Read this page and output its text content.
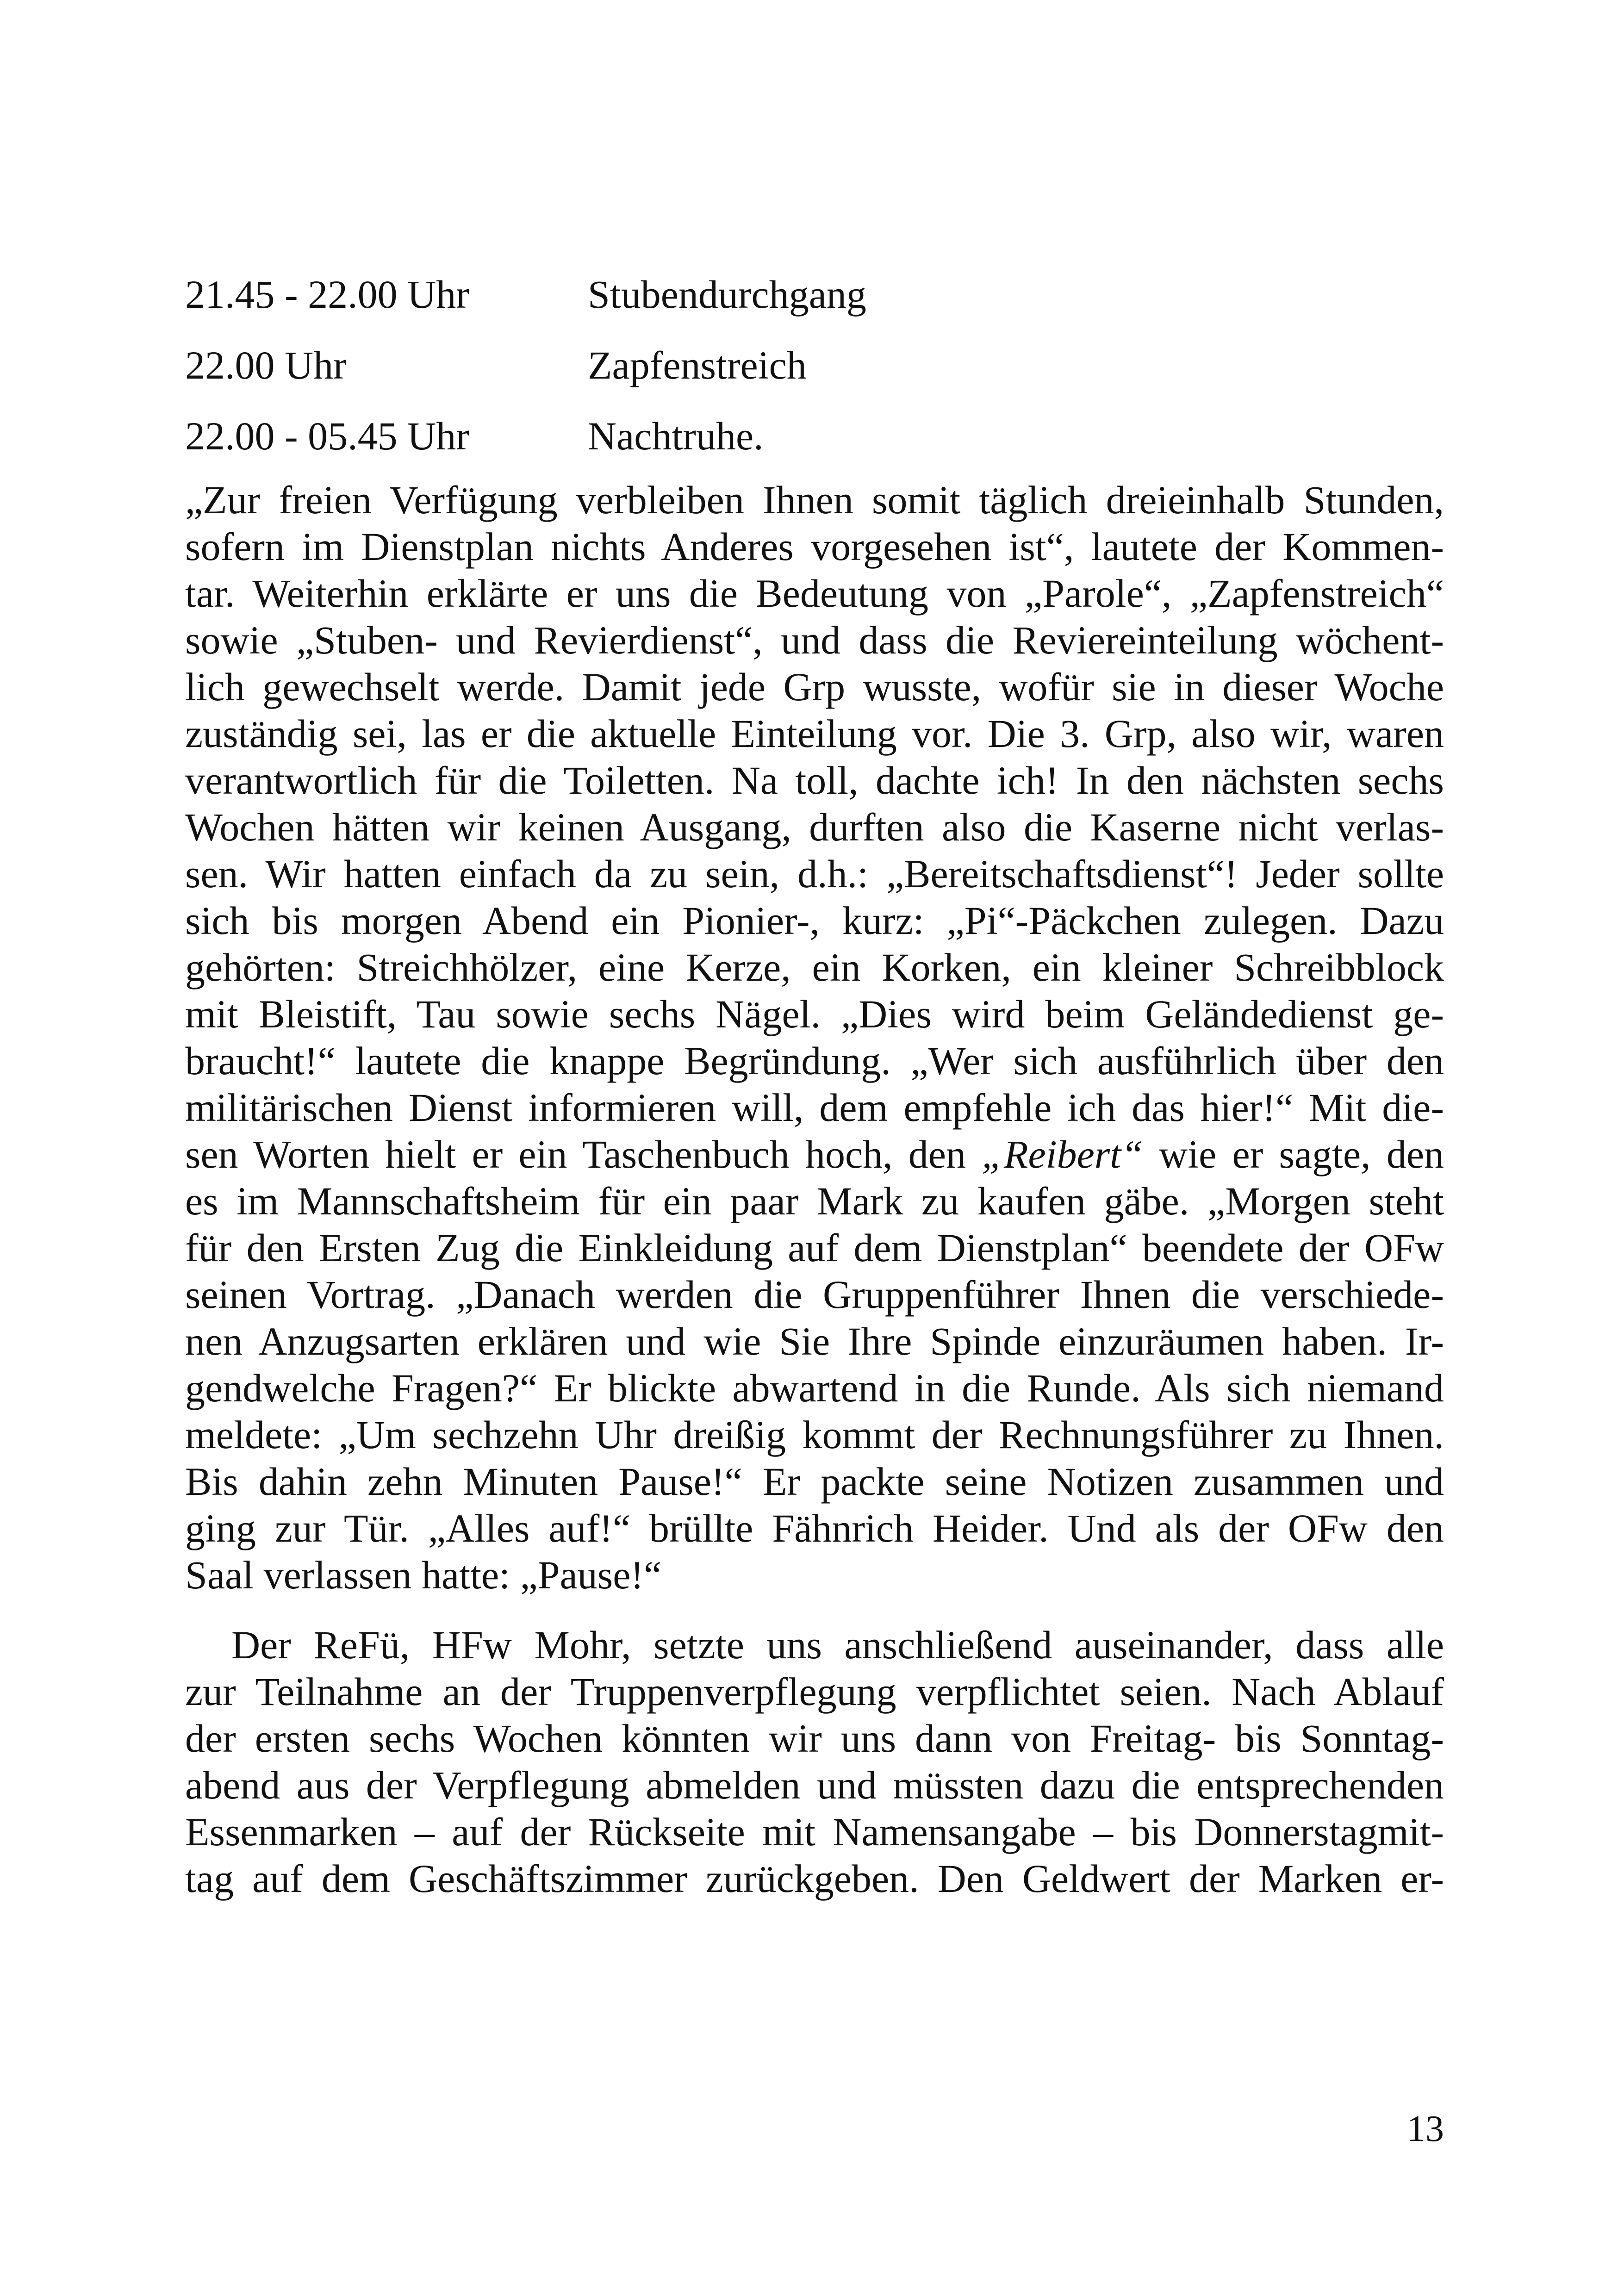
21.45 - 22.00 Uhr	Stubendurchgang
22.00 Uhr	Zapfenstreich
22.00 - 05.45 Uhr	Nachtruhe.
„Zur freien Verfügung verbleiben Ihnen somit täglich dreieinhalb Stunden,
sofern im Dienstplan nichts Anderes vorgesehen ist“, lautete der Kommen-
tar. Weiterhin erklärte er uns die Bedeutung von „Parole“, „Zapfenstreich“
sowie „Stuben- und Revierdienst“, und dass die Reviereinteilung wöchent-
lich gewechselt werde. Damit jede Grp wusste, wofür sie in dieser Woche
zuständig sei, las er die aktuelle Einteilung vor. Die 3. Grp, also wir, waren
verantwortlich für die Toiletten. Na toll, dachte ich! In den nächsten sechs
Wochen hätten wir keinen Ausgang, durften also die Kaserne nicht verlas-
sen. Wir hatten einfach da zu sein, d.h.: „Bereitschaftsdienst“! Jeder sollte
sich bis morgen Abend ein Pionier-, kurz: „Pi“-Päckchen zulegen. Dazu
gehörten: Streichhölzer, eine Kerze, ein Korken, ein kleiner Schreibblock
mit Bleistift, Tau sowie sechs Nägel. „Dies wird beim Geländedienst ge-
braucht!“ lautete die knappe Begründung. „Wer sich ausführlich über den
militärischen Dienst informieren will, dem empfehle ich das hier!“ Mit die-
sen Worten hielt er ein Taschenbuch hoch, den „Reibert“ wie er sagte, den
es im Mannschaftsheim für ein paar Mark zu kaufen gäbe. „Morgen steht
für den Ersten Zug die Einkleidung auf dem Dienstplan“ beendete der OFw
seinen Vortrag. „Danach werden die Gruppenführer Ihnen die verschiede-
nen Anzugsarten erklären und wie Sie Ihre Spinde einzuräumen haben. Ir-
gendwelche Fragen?“ Er blickte abwartend in die Runde. Als sich niemand
meldete: „Um sechzehn Uhr dreißig kommt der Rechnungsführer zu Ihnen.
Bis dahin zehn Minuten Pause!“ Er packte seine Notizen zusammen und
ging zur Tür. „Alles auf!“ brüllte Fähnrich Heider. Und als der OFw den
Saal verlassen hatte: „Pause!“
Der ReFü, HFw Mohr, setzte uns anschließend auseinander, dass alle
zur Teilnahme an der Truppenverpflegung verpflichtet seien. Nach Ablauf
der ersten sechs Wochen könnten wir uns dann von Freitag- bis Sonntag-
abend aus der Verpflegung abmelden und müssten dazu die entsprechenden
Essenmarken – auf der Rückseite mit Namensangabe – bis Donnerstagmit-
tag auf dem Geschäftszimmer zurückgeben. Den Geldwert der Marken er-
13
